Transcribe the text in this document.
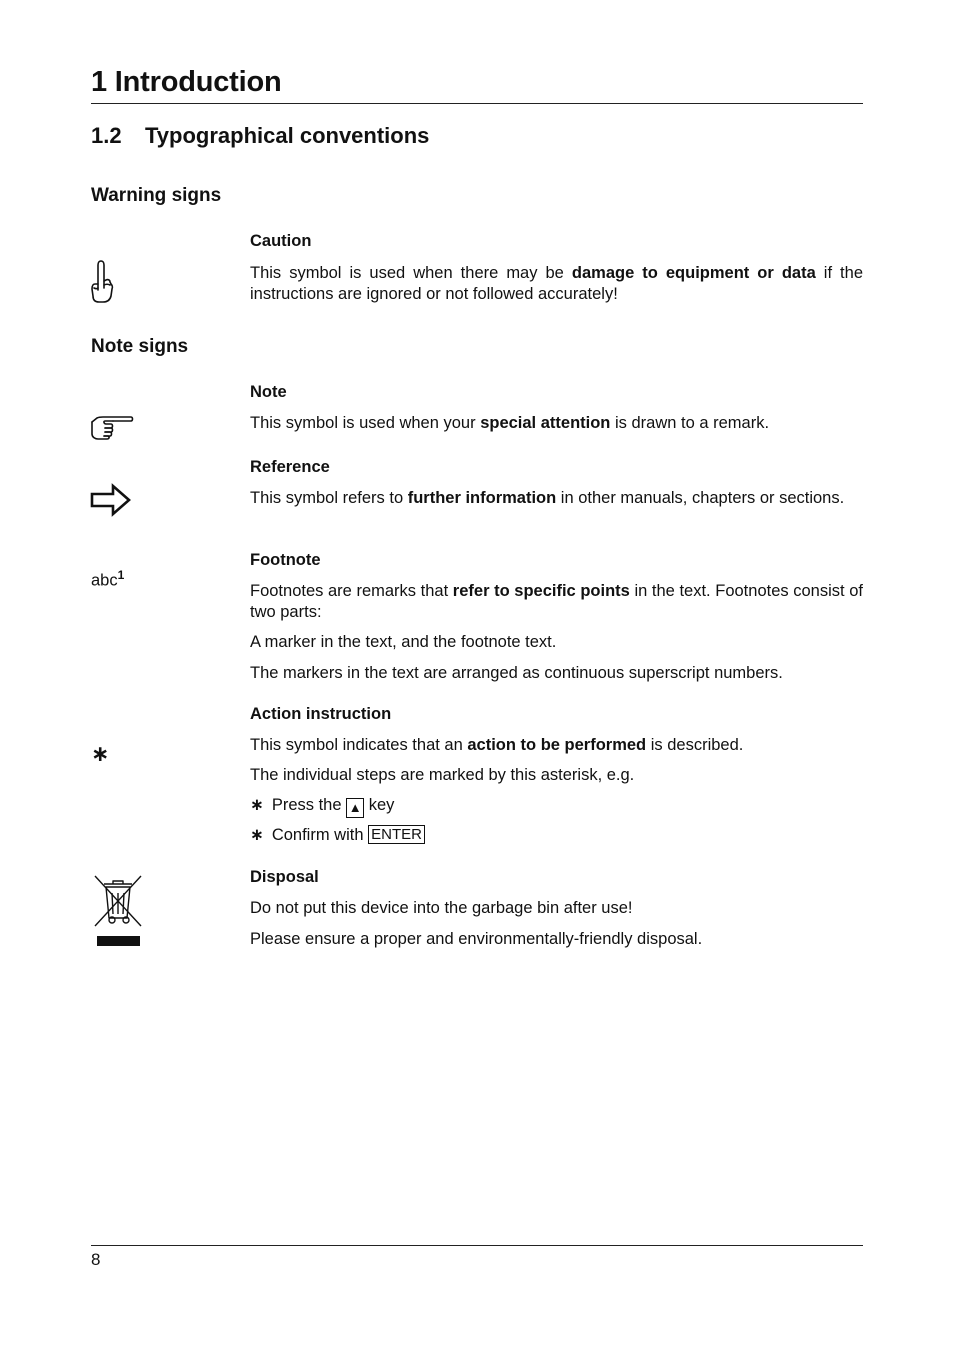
1 Introduction
1.2 Typographical conventions
Warning signs
Caution
This symbol is used when there may be damage to equipment or data if the instructions are ignored or not followed accurately!
Note signs
Note
This symbol is used when your special attention is drawn to a remark.
Reference
This symbol refers to further information in other manuals, chapters or sections.
abc$^1$
Footnote
Footnotes are remarks that refer to specific points in the text. Footnotes consist of two parts:
A marker in the text, and the footnote text.
The markers in the text are arranged as continuous superscript numbers.
∗
Action instruction
This symbol indicates that an action to be performed is described.
The individual steps are marked by this asterisk, e.g.
∗ Press the ▲ key
∗ Confirm with ENTER
Disposal
Do not put this device into the garbage bin after use!
Please ensure a proper and environmentally-friendly disposal.
8
